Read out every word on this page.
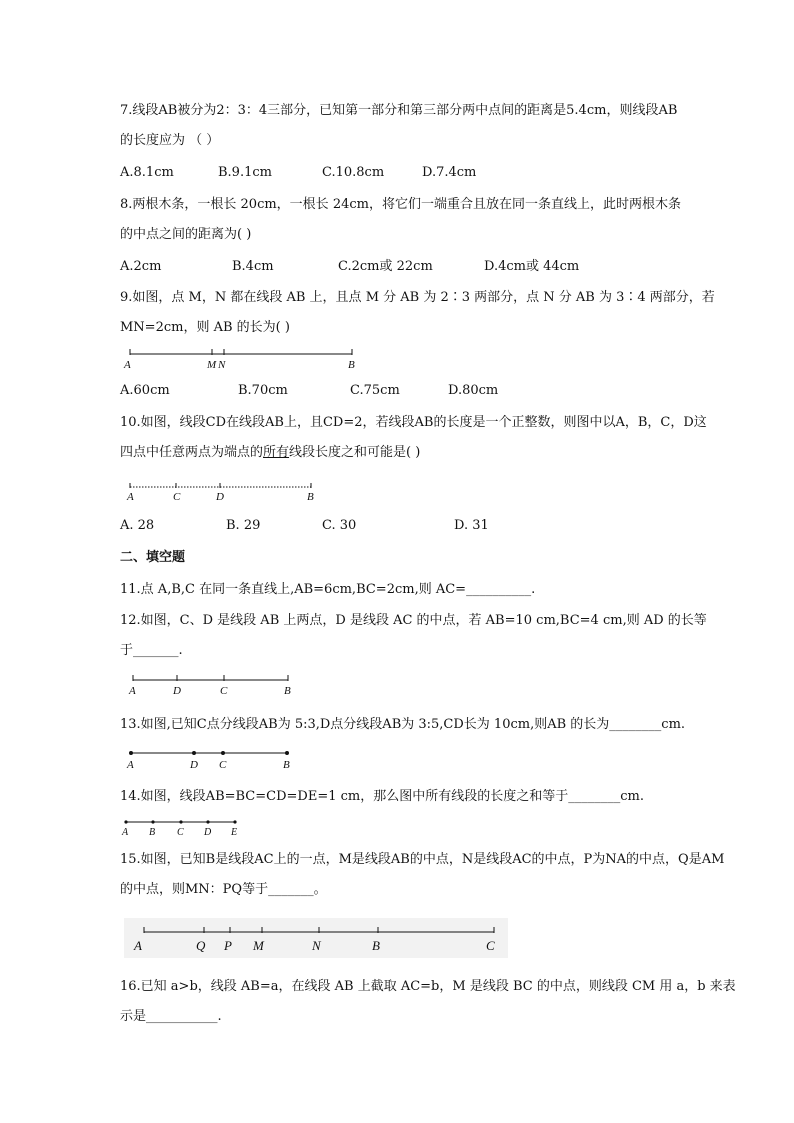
7.线段AB被分为2：3：4三部分，已知第一部分和第三部分两中点间的距离是5.4cm，则线段AB
的长度应为 （ ）
A.8.1cm	B.9.1cm	C.10.8cm	D.7.4cm
8.两根木条，一根长 20cm，一根长 24cm，将它们一端重合且放在同一条直线上，此时两根木条
的中点之间的距离为( )
A.2cm	B.4cm	C.2cm或 22cm	D.4cm或 44cm
9.如图，点 M，N 都在线段 AB 上，且点 M 分 AB 为 2∶3 两部分，点 N 分 AB 为 3∶4 两部分，若
MN=2cm，则 AB 的长为( )
A	M N	B
A.60cm	B.70cm	C.75cm	D.80cm
10.如图，线段CD在线段AB上，且CD=2，若线段AB的长度是一个正整数，则图中以A，B，C，D这
四点中任意两点为端点的所有线段长度之和可能是( )
A	C	D	B
A. 28	B. 29	C. 30	D. 31
二、填空题
11.点 A,B,C 在同一条直线上,AB=6cm,BC=2cm,则 AC=__________.
12.如图，C、D 是线段 AB 上两点，D 是线段 AC 的中点，若 AB=10 cm,BC=4 cm,则 AD 的长等
于_______.
A	D	C	B
13.如图,已知C点分线段AB为 5:3,D点分线段AB为 3:5,CD长为 10cm,则AB 的长为________cm.
A	D C	B
14.如图，线段AB=BC=CD=DE=1 cm，那么图中所有线段的长度之和等于________cm.
A B C D E
15.如图，已知B是线段AC上的一点，M是线段AB的中点，N是线段AC的中点，P为NA的中点，Q是AM
的中点，则MN：PQ等于_______。
A	Q P M	N	B	C
16.已知 a>b，线段 AB=a，在线段 AB 上截取 AC=b，M 是线段 BC 的中点，则线段 CM 用 a，b 来表
示是___________.
